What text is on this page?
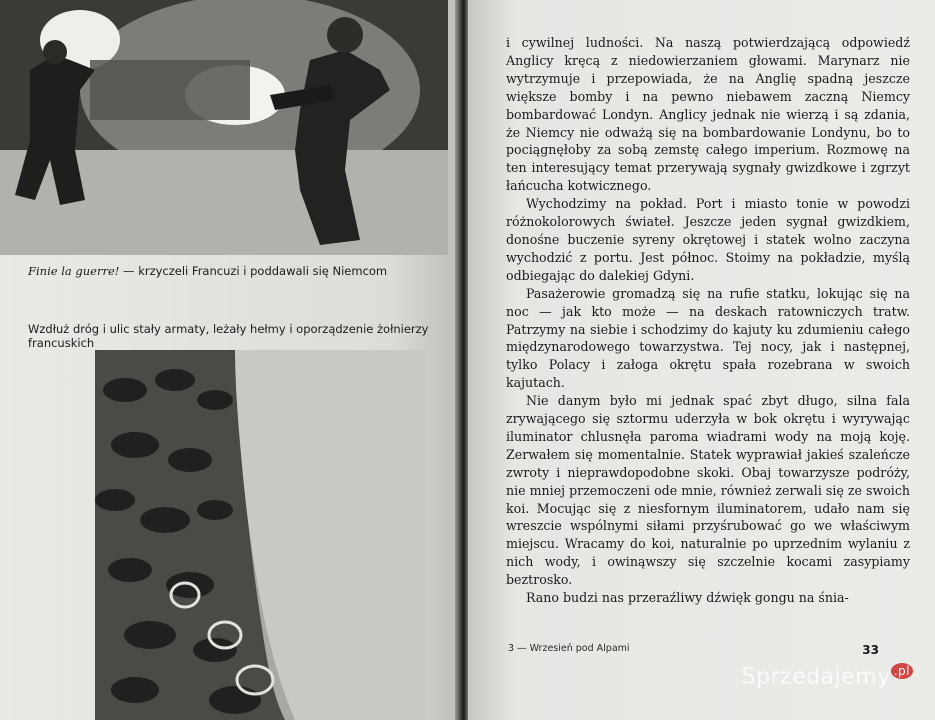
Finie la guerre! — krzyczeli Francuzi i poddawali się Niemcom
Wzdłuż dróg i ulic stały armaty, leżały hełmy i oporządzenie żołnierzy francuskich

i cywilnej ludności. Na naszą potwierdzającą odpowiedź Anglicy kręcą z niedowierzaniem głowami. Marynarz nie wytrzymuje i przepowiada, że na Anglię spadną jeszcze większe bomby i na pewno niebawem zaczną Niemcy bombardować Londyn. Anglicy jednak nie wierzą i są zdania, że Niemcy nie odważą się na bombardowanie Londynu, bo to pociągnęłoby za sobą zemstę całego imperium. Rozmowę na ten interesujący temat przerywają sygnały gwizdkowe i zgrzyt łańcucha kotwicznego.

Wychodzimy na pokład. Port i miasto tonie w powodzi różnokolorowych świateł. Jeszcze jeden sygnał gwizdkiem, donośne buczenie syreny okrętowej i statek wolno zaczyna wychodzić z portu. Jest północ. Stoimy na pokładzie, myślą odbiegając do dalekiej Gdyni.

Pasażerowie gromadzą się na rufie statku, lokując się na noc — jak kto może — na deskach ratowniczych tratw. Patrzymy na siebie i schodzimy do kajuty ku zdumieniu całego międzynarodowego towarzystwa. Tej nocy, jak i następnej, tylko Polacy i załoga okrętu spała rozebrana w swoich kajutach.

Nie danym było mi jednak spać zbyt długo, silna fala zrywającego się sztormu uderzyła w bok okrętu i wyrywając iluminator chlusnęła paroma wiadrami wody na moją koję. Zerwałem się momentalnie. Statek wyprawiał jakieś szaleńcze zwroty i nieprawdopodobne skoki. Obaj towarzysze podróży, nie mniej przemoczeni ode mnie, również zerwali się ze swoich koi. Mocując się z niesfornym iluminatorem, udało nam się wreszcie wspólnymi siłami przyśrubować go we właściwym miejscu. Wracamy do koi, naturalnie po uprzednim wylaniu z nich wody, i owinąwszy się szczelnie kocami zasypiamy beztrosko.

Rano budzi nas przeraźliwy dźwięk gongu na śnia-

3 — Wrzesień pod Alpami	33
Sprzedajemy $^{.pl}$
